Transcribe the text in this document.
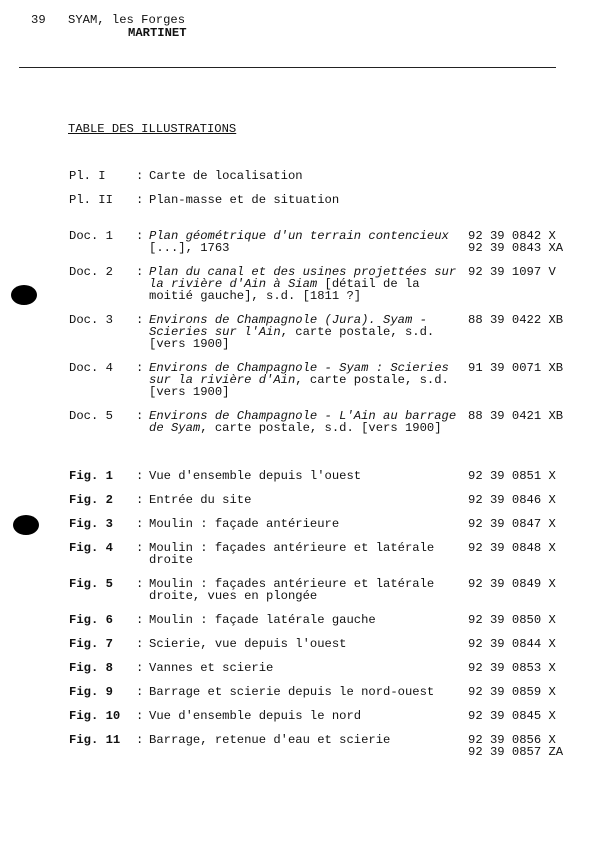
39 SYAM, les Forges
MARTINET
TABLE DES ILLUSTRATIONS
Pl. I : Carte de localisation
Pl. II : Plan-masse et de situation
Doc. 1 : Plan géométrique d'un terrain contencieux [...], 1763
92 39 0842 X
92 39 0843 XA
Doc. 2 : Plan du canal et des usines projettées sur la rivière d'Ain à Siam [détail de la moitié gauche], s.d. [1811 ?]
92 39 1097 V
Doc. 3 : Environs de Champagnole (Jura). Syam - Scieries sur l'Ain, carte postale, s.d. [vers 1900]
88 39 0422 XB
Doc. 4 : Environs de Champagnole - Syam : Scieries sur la rivière d'Ain, carte postale, s.d. [vers 1900]
91 39 0071 XB
Doc. 5 : Environs de Champagnole - L'Ain au barrage de Syam, carte postale, s.d. [vers 1900]
88 39 0421 XB
Fig. 1 : Vue d'ensemble depuis l'ouest	92 39 0851 X
Fig. 2 : Entrée du site	92 39 0846 X
Fig. 3 : Moulin : façade antérieure	92 39 0847 X
Fig. 4 : Moulin : façades antérieure et latérale droite
92 39 0848 X
Fig. 5 : Moulin : façades antérieure et latérale droite, vues en plongée
92 39 0849 X
Fig. 6 : Moulin : façade latérale gauche	92 39 0850 X
Fig. 7 : Scierie, vue depuis l'ouest	92 39 0844 X
Fig. 8 : Vannes et scierie	92 39 0853 X
Fig. 9 : Barrage et scierie depuis le nord-ouest	92 39 0859 X
Fig. 10 : Vue d'ensemble depuis le nord	92 39 0845 X
Fig. 11 : Barrage, retenue d'eau et scierie	92 39 0856 X
92 39 0857 ZA
